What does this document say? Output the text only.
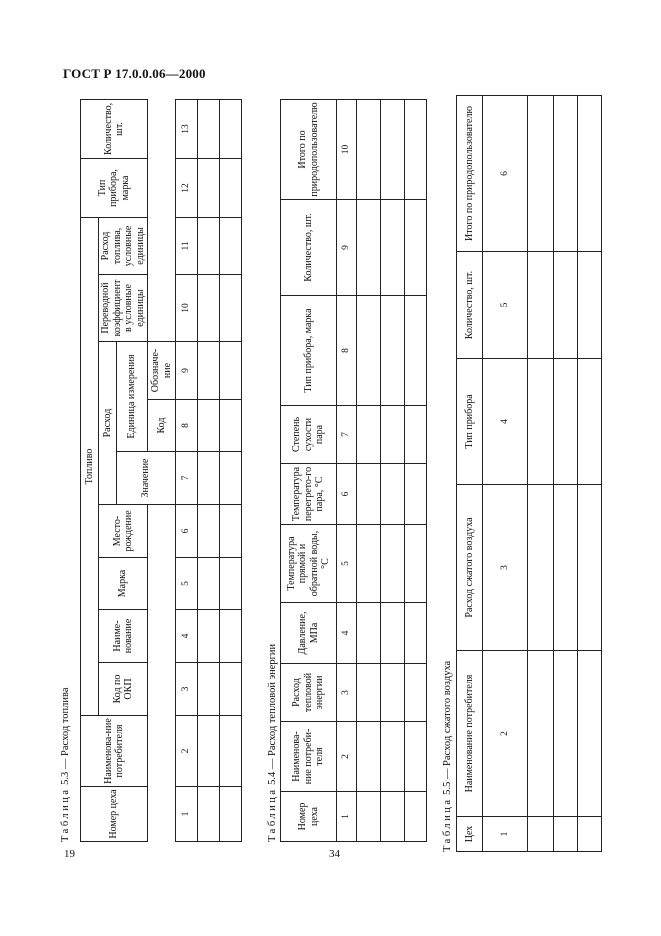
ГОСТ Р 17.0.0.06—2000
19	34
Таблица 5.3 — Расход топлива
Номер цеха	Наименова-ние потребителя	Топливо									Тип прибора, марка	Количество, шт.
		Код по ОКП	Наиме-нование	Марка	Место-рождение	Расход			Переводной коэффициент в условные единицы	Расход топлива, условные единицы		
						Значение	Единица измерения					
							Код	Обозначе-ние				
1	2	3	4	5	6	7	8	9	10	11	12	13

Таблица 5.4 — Расход тепловой энергии
Номер цеха	Наименова-ние потреби-теля	Расход тепловой энергии	Давление, МПа	Температура прямой и обратной воды, °С	Температура перегрето-го пара, °С	Степень сухости пара	Тип прибора, марка	Количество, шт.	Итого по природопользователю
1	2	3	4	5	6	7	8	9	10

Таблица 5.5 — Расход сжатого воздуха
Цех	Наименование потребителя	Расход сжатого воздуха	Тип прибора	Количество, шт.	Итого по природопользователю
1	2	3	4	5	6
